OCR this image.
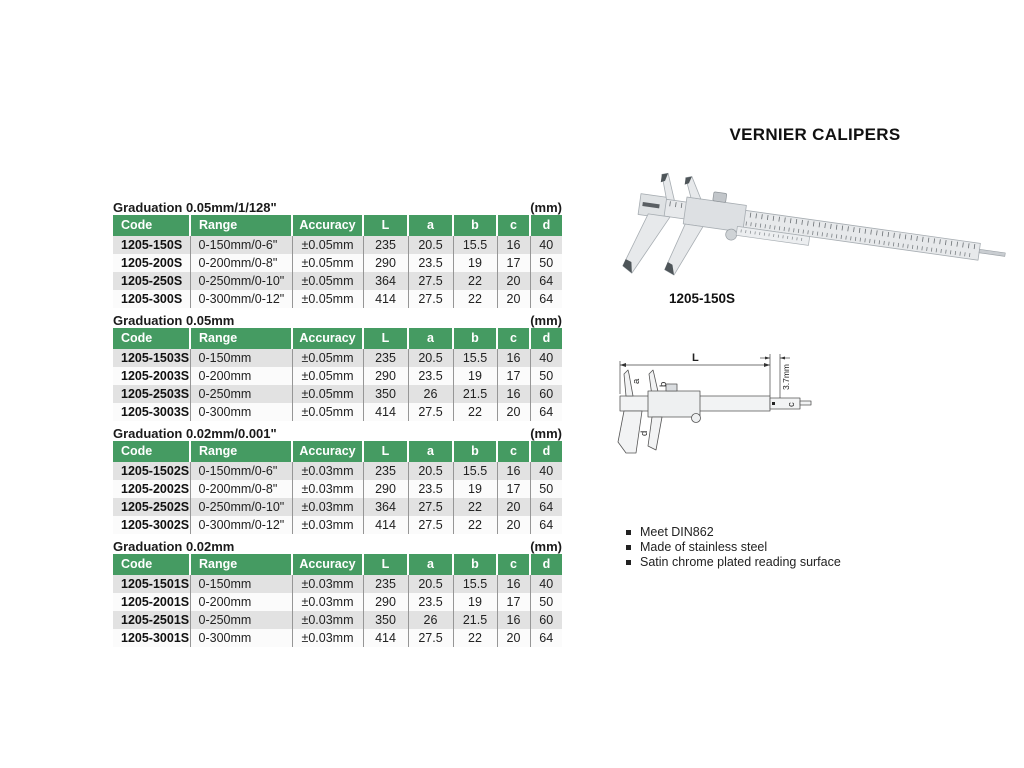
Graduation 0.05mm/1/128"	(mm)
Code	Range	Accuracy	L	a	b	c	d
1205-150S	0-150mm/0-6"	±0.05mm	235	20.5	15.5	16	40
1205-200S	0-200mm/0-8"	±0.05mm	290	23.5	19	17	50
1205-250S	0-250mm/0-10"	±0.05mm	364	27.5	22	20	64
1205-300S	0-300mm/0-12"	±0.05mm	414	27.5	22	20	64
Graduation 0.05mm	(mm)
Code	Range	Accuracy	L	a	b	c	d
1205-1503S	0-150mm	±0.05mm	235	20.5	15.5	16	40
1205-2003S	0-200mm	±0.05mm	290	23.5	19	17	50
1205-2503S	0-250mm	±0.05mm	350	26	21.5	16	60
1205-3003S	0-300mm	±0.05mm	414	27.5	22	20	64
Graduation 0.02mm/0.001"	(mm)
Code	Range	Accuracy	L	a	b	c	d
1205-1502S	0-150mm/0-6"	±0.03mm	235	20.5	15.5	16	40
1205-2002S	0-200mm/0-8"	±0.03mm	290	23.5	19	17	50
1205-2502S	0-250mm/0-10"	±0.03mm	364	27.5	22	20	64
1205-3002S	0-300mm/0-12"	±0.03mm	414	27.5	22	20	64
Graduation 0.02mm	(mm)
Code	Range	Accuracy	L	a	b	c	d
1205-1501S	0-150mm	±0.03mm	235	20.5	15.5	16	40
1205-2001S	0-200mm	±0.03mm	290	23.5	19	17	50
1205-2501S	0-250mm	±0.03mm	350	26	21.5	16	60
1205-3001S	0-300mm	±0.03mm	414	27.5	22	20	64
VERNIER CALIPERS
1205-150S
L
a
b
d
c
3.7mm
Meet DIN862
Made of stainless steel
Satin chrome plated reading surface
